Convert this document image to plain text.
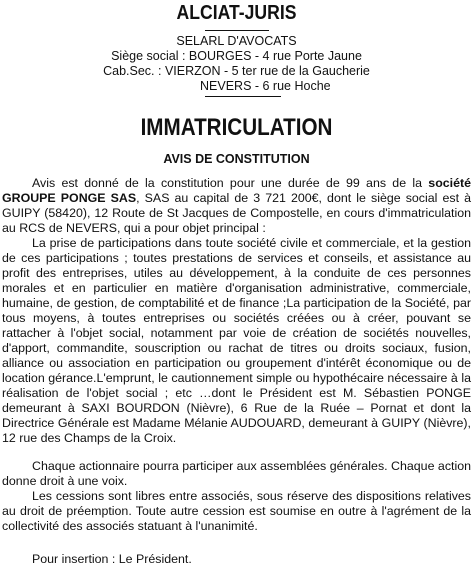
ALCIAT-JURIS
SELARL D'AVOCATS
Siège social : BOURGES - 4 rue Porte Jaune
Cab.Sec. : VIERZON - 5 ter rue de la Gaucherie
NEVERS - 6 rue Hoche
IMMATRICULATION
AVIS DE CONSTITUTION

Avis est donné de la constitution pour une durée de 99 ans de la société GROUPE PONGE SAS, SAS au capital de 3 721 200€, dont le siège social est à GUIPY (58420), 12 Route de St Jacques de Compostelle, en cours d'immatriculation au RCS de NEVERS, qui a pour objet principal :

La prise de participations dans toute société civile et commerciale, et la gestion de ces participations ; toutes prestations de services et conseils, et assistance au profit des entreprises, utiles au développement, à la conduite de ces personnes morales et en particulier en matière d'organisation administrative, commerciale, humaine, de gestion, de comptabilité et de finance ;La participation de la Société, par tous moyens, à toutes entreprises ou sociétés créées ou à créer, pouvant se rattacher à l'objet social, notamment par voie de création de sociétés nouvelles, d'apport, commandite, souscription ou rachat de titres ou droits sociaux, fusion, alliance ou association en participation ou groupement d'intérêt économique ou de location gérance.L'emprunt, le cautionnement simple ou hypothécaire nécessaire à la réalisation de l'objet social ; etc …dont le Président est M. Sébastien PONGE demeurant à SAXI BOURDON (Nièvre), 6 Rue de la Ruée – Pornat et dont la Directrice Générale est Madame Mélanie AUDOUARD, demeurant à GUIPY (Nièvre), 12 rue des Champs de la Croix.

Chaque actionnaire pourra participer aux assemblées générales. Chaque action donne droit à une voix.

Les cessions sont libres entre associés, sous réserve des dispositions relatives au droit de préemption. Toute autre cession est soumise en outre à l'agrément de la collectivité des associés statuant à l'unanimité.

Pour insertion : Le Président.
